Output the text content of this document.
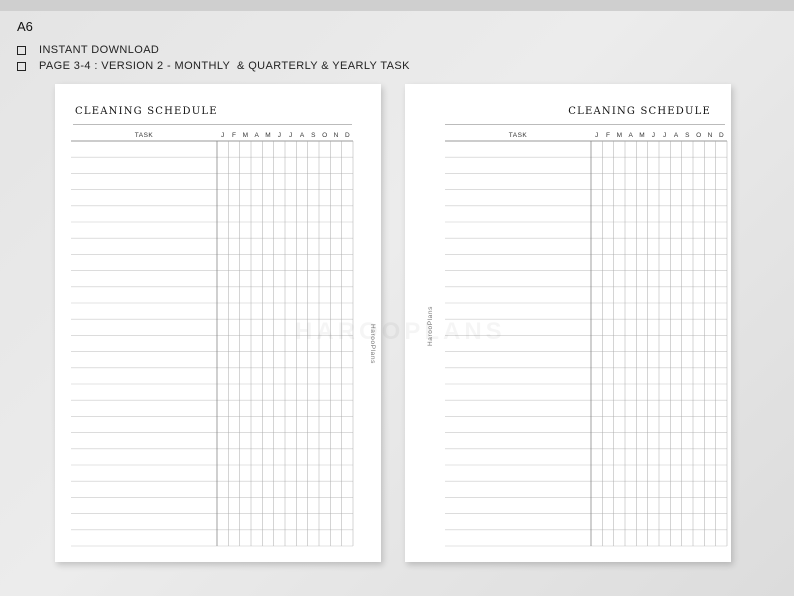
A6
INSTANT DOWNLOAD
PAGE 3-4 : VERSION 2 - MONTHLY  & QUARTERLY & YEARLY TASK
CLEANING SCHEDULE
TASK	J F M A M J J A S O N D
HarooPlans
CLEANING SCHEDULE
TASK	J F M A M J J A S O N D
HarooPlans
